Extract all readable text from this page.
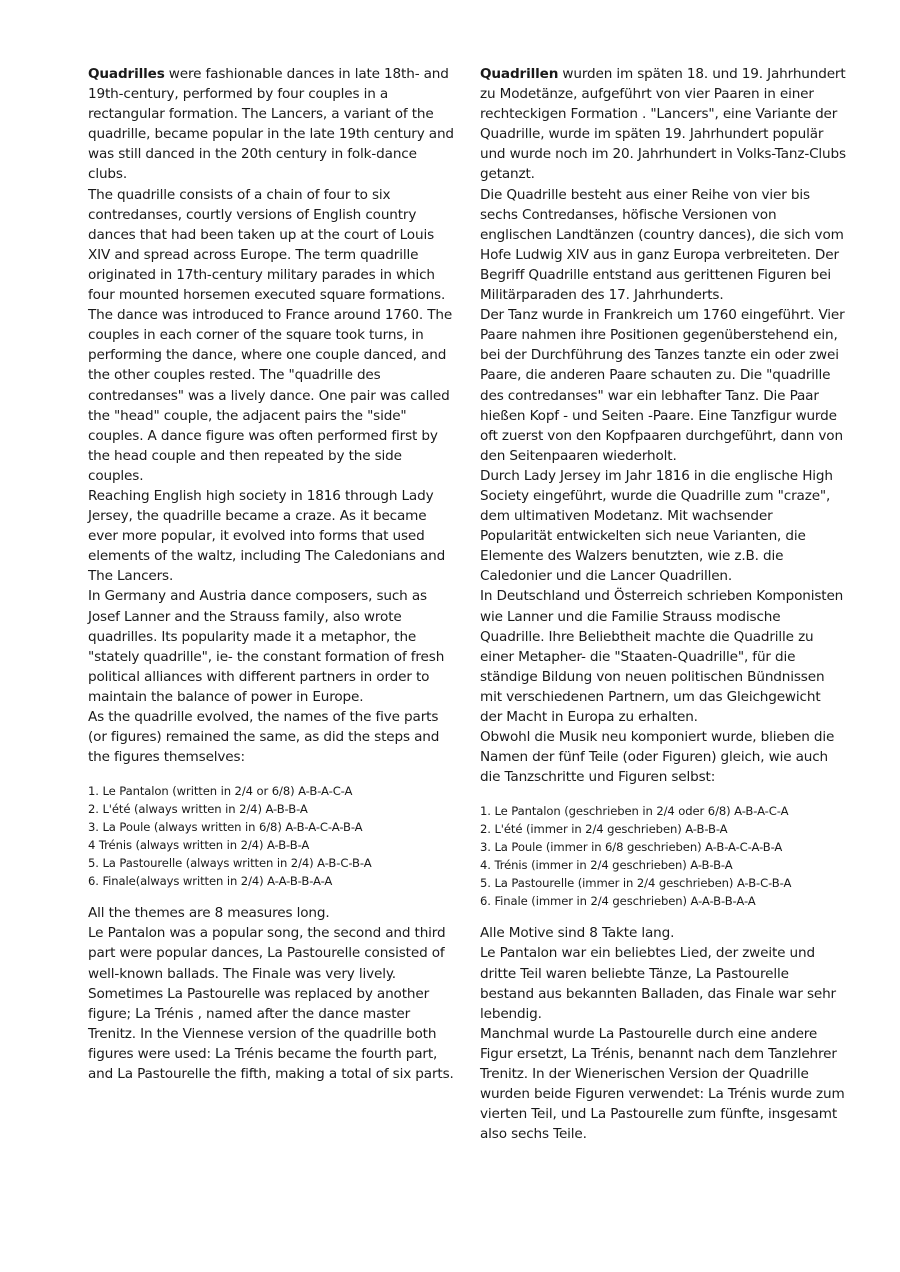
Quadrilles were fashionable dances in late 18th- and 19th-century, performed by four couples in a rectangular formation. The Lancers, a variant of the quadrille, became popular in the late 19th century and was still danced in the 20th century in folk-dance clubs.

The quadrille consists of a chain of four to six contredanses, courtly versions of English country dances that had been taken up at the court of Louis XIV and spread across Europe. The term quadrille originated in 17th-century military parades in which four mounted horsemen executed square formations.

The dance was introduced to France around 1760. The couples in each corner of the square took turns, in performing the dance, where one couple danced, and the other couples rested. The "quadrille des contredanses" was a lively dance. One pair was called the "head" couple, the adjacent pairs the "side" couples. A dance figure was often performed first by the head couple and then repeated by the side couples.

Reaching English high society in 1816 through Lady Jersey, the quadrille became a craze. As it became ever more popular, it evolved into forms that used elements of the waltz, including The Caledonians and The Lancers.

In Germany and Austria dance composers, such as Josef Lanner and the Strauss family, also wrote quadrilles. Its popularity made it a metaphor, the "stately quadrille", ie- the constant formation of fresh political alliances with different partners in order to maintain the balance of power in Europe.

As the quadrille evolved, the names of the five parts (or figures) remained the same, as did the steps and the figures themselves:

1. Le Pantalon (written in 2/4 or 6/8) A-B-A-C-A
2. L'été (always written in 2/4) A-B-B-A
3. La Poule (always written in 6/8) A-B-A-C-A-B-A
4 Trénis (always written in 2/4) A-B-B-A
5. La Pastourelle (always written in 2/4) A-B-C-B-A
6. Finale(always written in 2/4) A-A-B-B-A-A

All the themes are 8 measures long.

Le Pantalon was a popular song, the second and third part were popular dances, La Pastourelle consisted of well-known ballads. The Finale was very lively.

Sometimes La Pastourelle was replaced by another figure; La Trénis , named after the dance master Trenitz. In the Viennese version of the quadrille both figures were used: La Trénis became the fourth part, and La Pastourelle the fifth, making a total of six parts.

Quadrillen wurden im späten 18. und 19. Jahrhundert zu Modetänze, aufgeführt von vier Paaren in einer rechteckigen Formation . "Lancers", eine Variante der Quadrille, wurde im späten 19. Jahrhundert populär und wurde noch im 20. Jahrhundert in Volks-Tanz-Clubs getanzt.

Die Quadrille besteht aus einer Reihe von vier bis sechs Contredanses, höfische Versionen von englischen Landtänzen (country dances), die sich vom Hofe Ludwig XIV aus in ganz Europa verbreiteten. Der Begriff Quadrille entstand aus gerittenen Figuren bei Militärparaden des 17. Jahrhunderts.

Der Tanz wurde in Frankreich um 1760 eingeführt. Vier Paare nahmen ihre Positionen gegenüberstehend ein, bei der Durchführung des Tanzes tanzte ein oder zwei Paare, die anderen Paare schauten zu. Die "quadrille des contredanses" war ein lebhafter Tanz. Die Paar hießen Kopf - und Seiten -Paare. Eine Tanzfigur wurde oft zuerst von den Kopfpaaren durchgeführt, dann von den Seitenpaaren wiederholt.

Durch Lady Jersey im Jahr 1816 in die englische High Society eingeführt, wurde die Quadrille zum "craze", dem ultimativen Modetanz. Mit wachsender Popularität entwickelten sich neue Varianten, die Elemente des Walzers benutzten, wie z.B. die Caledonier und die Lancer Quadrillen.

In Deutschland und Österreich schrieben Komponisten wie Lanner und die Familie Strauss modische Quadrille. Ihre Beliebtheit machte die Quadrille zu einer Metapher- die "Staaten-Quadrille", für die ständige Bildung von neuen politischen Bündnissen mit verschiedenen Partnern, um das Gleichgewicht der Macht in Europa zu erhalten.

Obwohl die Musik neu komponiert wurde, blieben die Namen der fünf Teile (oder Figuren) gleich, wie auch die Tanzschritte und Figuren selbst:

1. Le Pantalon (geschrieben in 2/4 oder 6/8) A-B-A-C-A
2. L'été (immer in 2/4 geschrieben) A-B-B-A
3. La Poule (immer in 6/8 geschrieben) A-B-A-C-A-B-A
4. Trénis (immer in 2/4 geschrieben) A-B-B-A
5. La Pastourelle (immer in 2/4 geschrieben) A-B-C-B-A
6. Finale (immer in 2/4 geschrieben) A-A-B-B-A-A

Alle Motive sind 8 Takte lang.

Le Pantalon war ein beliebtes Lied, der zweite und dritte Teil waren beliebte Tänze, La Pastourelle bestand aus bekannten Balladen, das Finale war sehr lebendig.

Manchmal wurde La Pastourelle durch eine andere Figur ersetzt, La Trénis, benannt nach dem Tanzlehrer Trenitz. In der Wienerischen Version der Quadrille wurden beide Figuren verwendet: La Trénis wurde zum vierten Teil, und La Pastourelle zum fünfte, insgesamt also sechs Teile.
